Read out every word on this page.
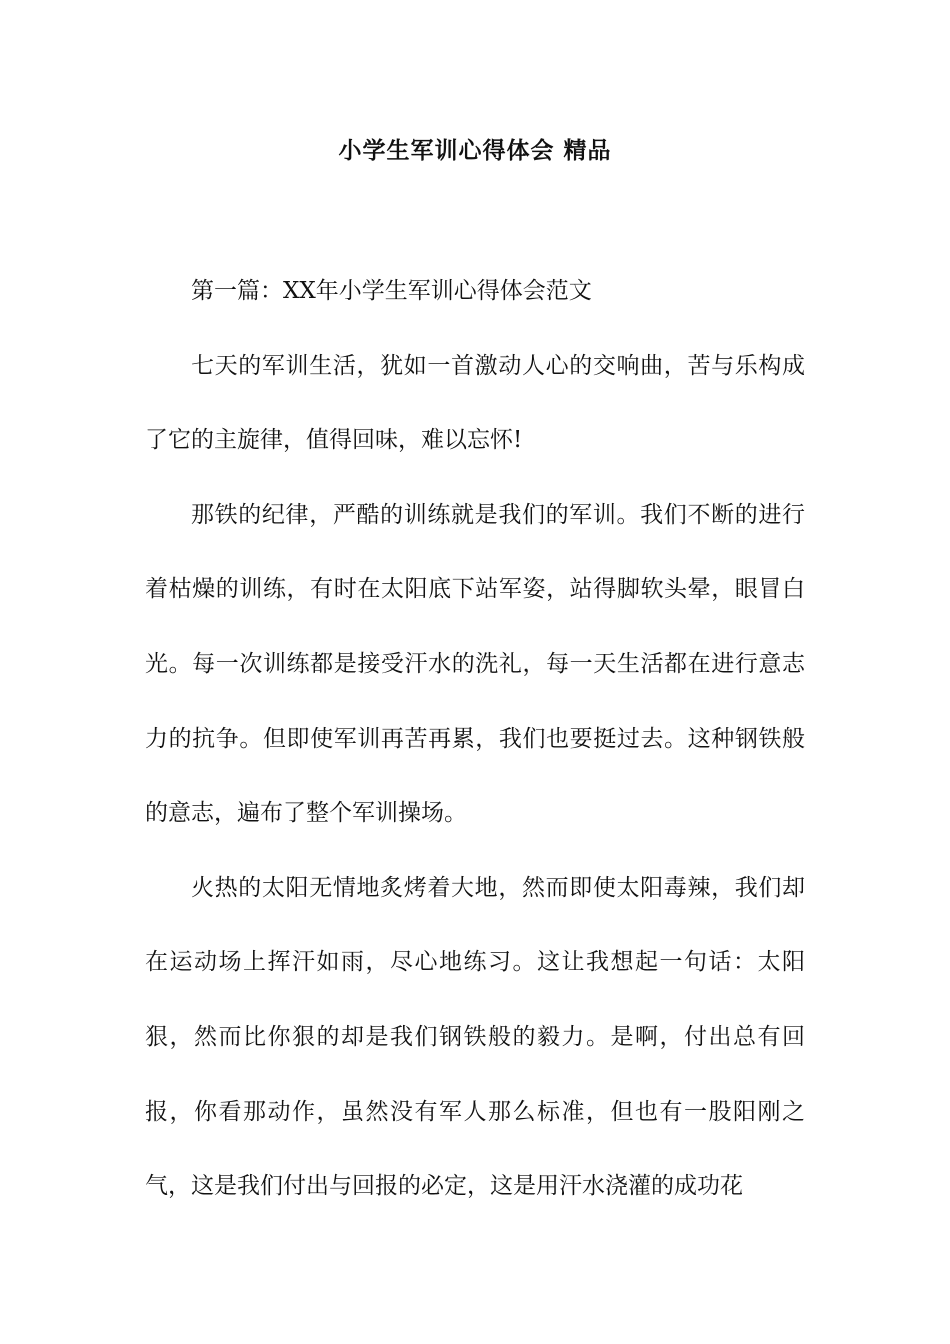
小学生军训心得体会 精品

第一篇：XX年小学生军训心得体会范文

七天的军训生活，犹如一首激动人心的交响曲，苦与乐构成了它的主旋律，值得回味，难以忘怀!

那铁的纪律，严酷的训练就是我们的军训。我们不断的进行着枯燥的训练，有时在太阳底下站军姿，站得脚软头晕，眼冒白光。每一次训练都是接受汗水的洗礼，每一天生活都在进行意志力的抗争。但即使军训再苦再累，我们也要挺过去。这种钢铁般的意志，遍布了整个军训操场。

火热的太阳无情地炙烤着大地，然而即使太阳毒辣，我们却在运动场上挥汗如雨，尽心地练习。这让我想起一句话：太阳狠，然而比你狠的却是我们钢铁般的毅力。是啊，付出总有回报，你看那动作，虽然没有军人那么标准，但也有一股阳刚之气，这是我们付出与回报的必定，这是用汗水浇灌的成功花
